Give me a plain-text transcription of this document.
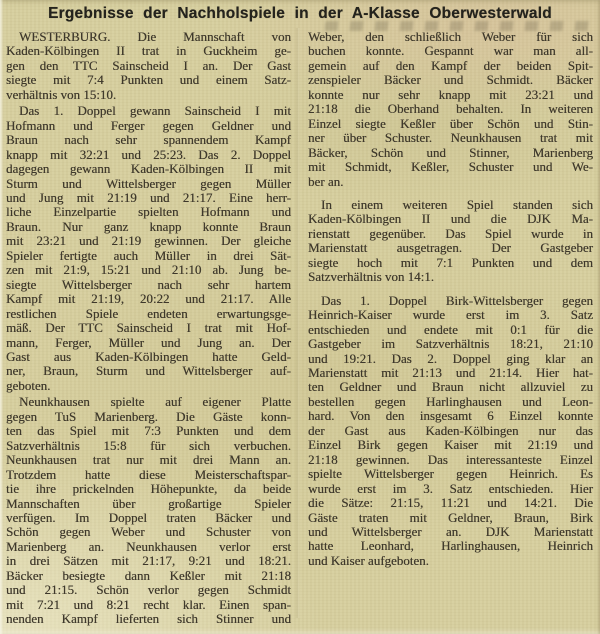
Ergebnisse der Nachholspiele in der A-Klasse Oberwesterwald
WESTERBURG. Die Mannschaft von
Kaden-Kölbingen II trat in Guckheim ge-
gen den TTC Sainscheid I an. Der Gast
siegte mit 7:4 Punkten und einem Satz-
verhältnis von 15:10.
Das 1. Doppel gewann Sainscheid I mit
Hofmann und Ferger gegen Geldner und
Braun nach sehr spannendem Kampf
knapp mit 32:21 und 25:23. Das 2. Doppel
dagegen gewann Kaden-Kölbingen II mit
Sturm und Wittelsberger gegen Müller
und Jung mit 21:19 und 21:17. Eine herr-
liche Einzelpartie spielten Hofmann und
Braun. Nur ganz knapp konnte Braun
mit 23:21 und 21:19 gewinnen. Der gleiche
Spieler fertigte auch Müller in drei Sät-
zen mit 21:9, 15:21 und 21:10 ab. Jung be-
siegte Wittelsberger nach sehr hartem
Kampf mit 21:19, 20:22 und 21:17. Alle
restlichen Spiele endeten erwartungsge-
mäß. Der TTC Sainscheid I trat mit Hof-
mann, Ferger, Müller und Jung an. Der
Gast aus Kaden-Kölbingen hatte Geld-
ner, Braun, Sturm und Wittelsberger auf-
geboten.
Neunkhausen spielte auf eigener Platte
gegen TuS Marienberg. Die Gäste konn-
ten das Spiel mit 7:3 Punkten und dem
Satzverhältnis 15:8 für sich verbuchen.
Neunkhausen trat nur mit drei Mann an.
Trotzdem hatte diese Meisterschaftspar-
tie ihre prickelnden Höhepunkte, da beide
Mannschaften über großartige Spieler
verfügen. Im Doppel traten Bäcker und
Schön gegen Weber und Schuster von
Marienberg an. Neunkhausen verlor erst
in drei Sätzen mit 21:17, 9:21 und 18:21.
Bäcker besiegte dann Keßler mit 21:18
und 21:15. Schön verlor gegen Schmidt
mit 7:21 und 8:21 recht klar. Einen span-
nenden Kampf lieferten sich Stinner und
Weber, den schließlich Weber für sich
buchen konnte. Gespannt war man all-
gemein auf den Kampf der beiden Spit-
zenspieler Bäcker und Schmidt. Bäcker
konnte nur sehr knapp mit 23:21 und
21:18 die Oberhand behalten. In weiteren
Einzel siegte Keßler über Schön und Stin-
ner über Schuster. Neunkhausen trat mit
Bäcker, Schön und Stinner, Marienberg
mit Schmidt, Keßler, Schuster und We-
ber an.
In einem weiteren Spiel standen sich
Kaden-Kölbingen II und die DJK Ma-
rienstatt gegenüber. Das Spiel wurde in
Marienstatt ausgetragen. Der Gastgeber
siegte hoch mit 7:1 Punkten und dem
Satzverhältnis von 14:1.
Das 1. Doppel Birk-Wittelsberger gegen
Heinrich-Kaiser wurde erst im 3. Satz
entschieden und endete mit 0:1 für die
Gastgeber im Satzverhältnis 18:21, 21:10
und 19:21. Das 2. Doppel ging klar an
Marienstatt mit 21:13 und 21:14. Hier hat-
ten Geldner und Braun nicht allzuviel zu
bestellen gegen Harlinghausen und Leon-
hard. Von den insgesamt 6 Einzel konnte
der Gast aus Kaden-Kölbingen nur das
Einzel Birk gegen Kaiser mit 21:19 und
21:18 gewinnen. Das interessanteste Einzel
spielte Wittelsberger gegen Heinrich. Es
wurde erst im 3. Satz entschieden. Hier
die Sätze: 21:15, 11:21 und 14:21. Die
Gäste traten mit Geldner, Braun, Birk
und Wittelsberger an. DJK Marienstatt
hatte Leonhard, Harlinghausen, Heinrich
und Kaiser aufgeboten.
